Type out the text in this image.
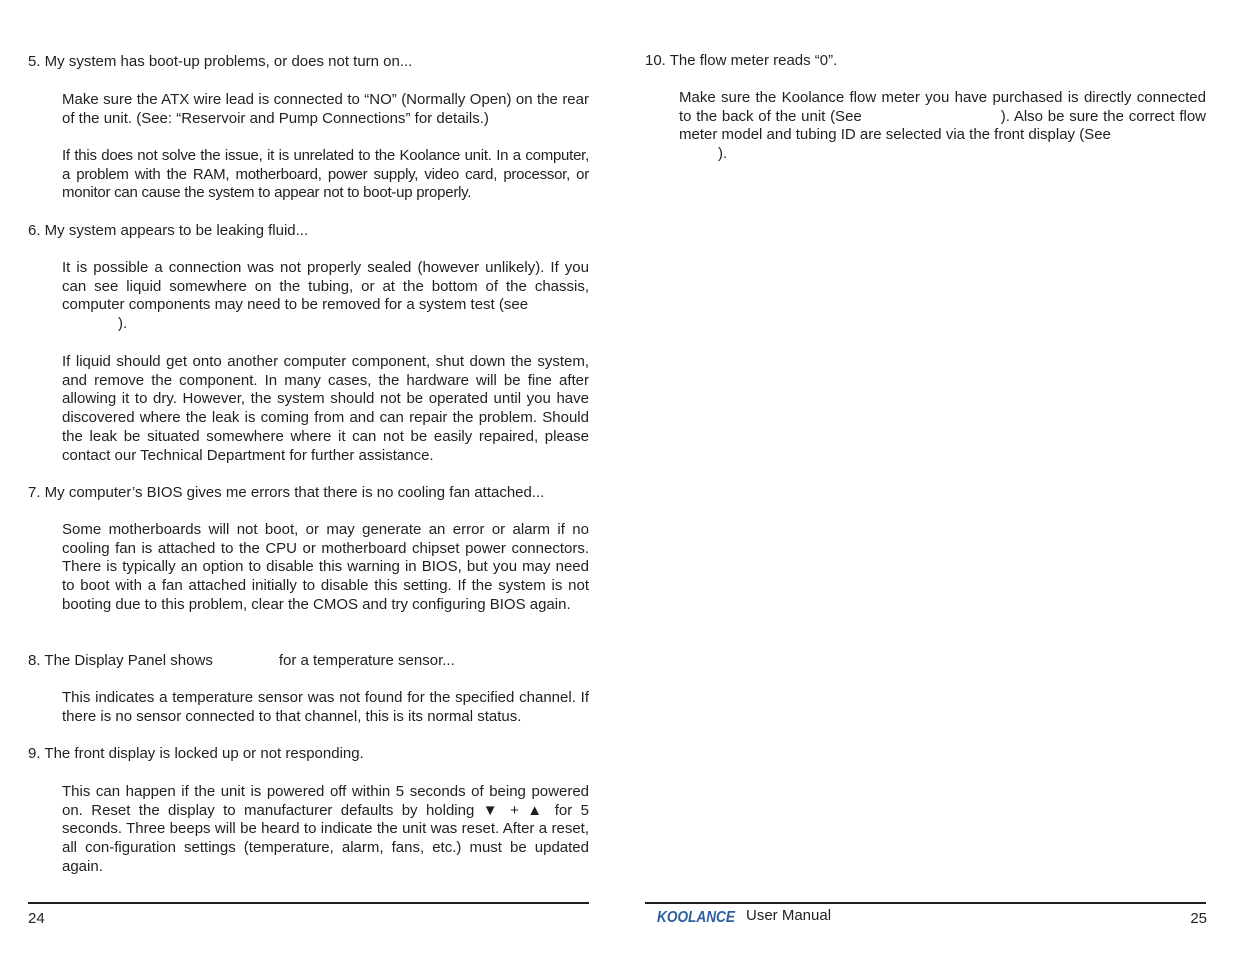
5. My system has boot-up problems, or does not turn on...

Make sure the ATX wire lead is connected to “NO” (Normally Open) on the rear of the unit. (See: “Reservoir and Pump Connections” for details.)

If this does not solve the issue, it is unrelated to the Koolance unit. In a computer, a problem with the RAM, motherboard, power supply, video card, processor, or monitor can cause the system to appear not to boot-up properly.

6. My system appears to be leaking fluid...

It is possible a connection was not properly sealed (however unlikely). If you can see liquid somewhere on the tubing, or at the bottom of the chassis, computer components may need to be removed for a system test (see
).

If liquid should get onto another computer component, shut down the system, and remove the component. In many cases, the hardware will be fine after allowing it to dry. However, the system should not be operated until you have discovered where the leak is coming from and can repair the problem. Should the leak be situated somewhere where it can not be easily repaired, please contact our Technical Department for further assistance.

7. My computer’s BIOS gives me errors that there is no cooling fan attached...

Some motherboards will not boot, or may generate an error or alarm if no cooling fan is attached to the CPU or motherboard chipset power connectors. There is typically an option to disable this warning in BIOS, but you may need to boot with a fan attached initially to disable this setting. If the system is not booting due to this problem, clear the CMOS and try configuring BIOS again.

8. The Display Panel shows	for a temperature sensor...

This indicates a temperature sensor was not found for the specified channel. If there is no sensor connected to that channel, this is its normal status.

9. The front display is locked up or not responding.

This can happen if the unit is powered off within 5 seconds of being powered on. Reset the display to manufacturer defaults by holding ▼ + ▲ for 5 seconds. Three beeps will be heard to indicate the unit was reset. After a reset, all con-figuration settings (temperature, alarm, fans, etc.) must be updated again.

24

10. The flow meter reads “0”.

Make sure the Koolance flow meter you have purchased is directly connected to the back of the unit (See	). Also be sure the correct flow meter model and tubing ID are selected via the front display (See
).

KOOLANCE User Manual	25
